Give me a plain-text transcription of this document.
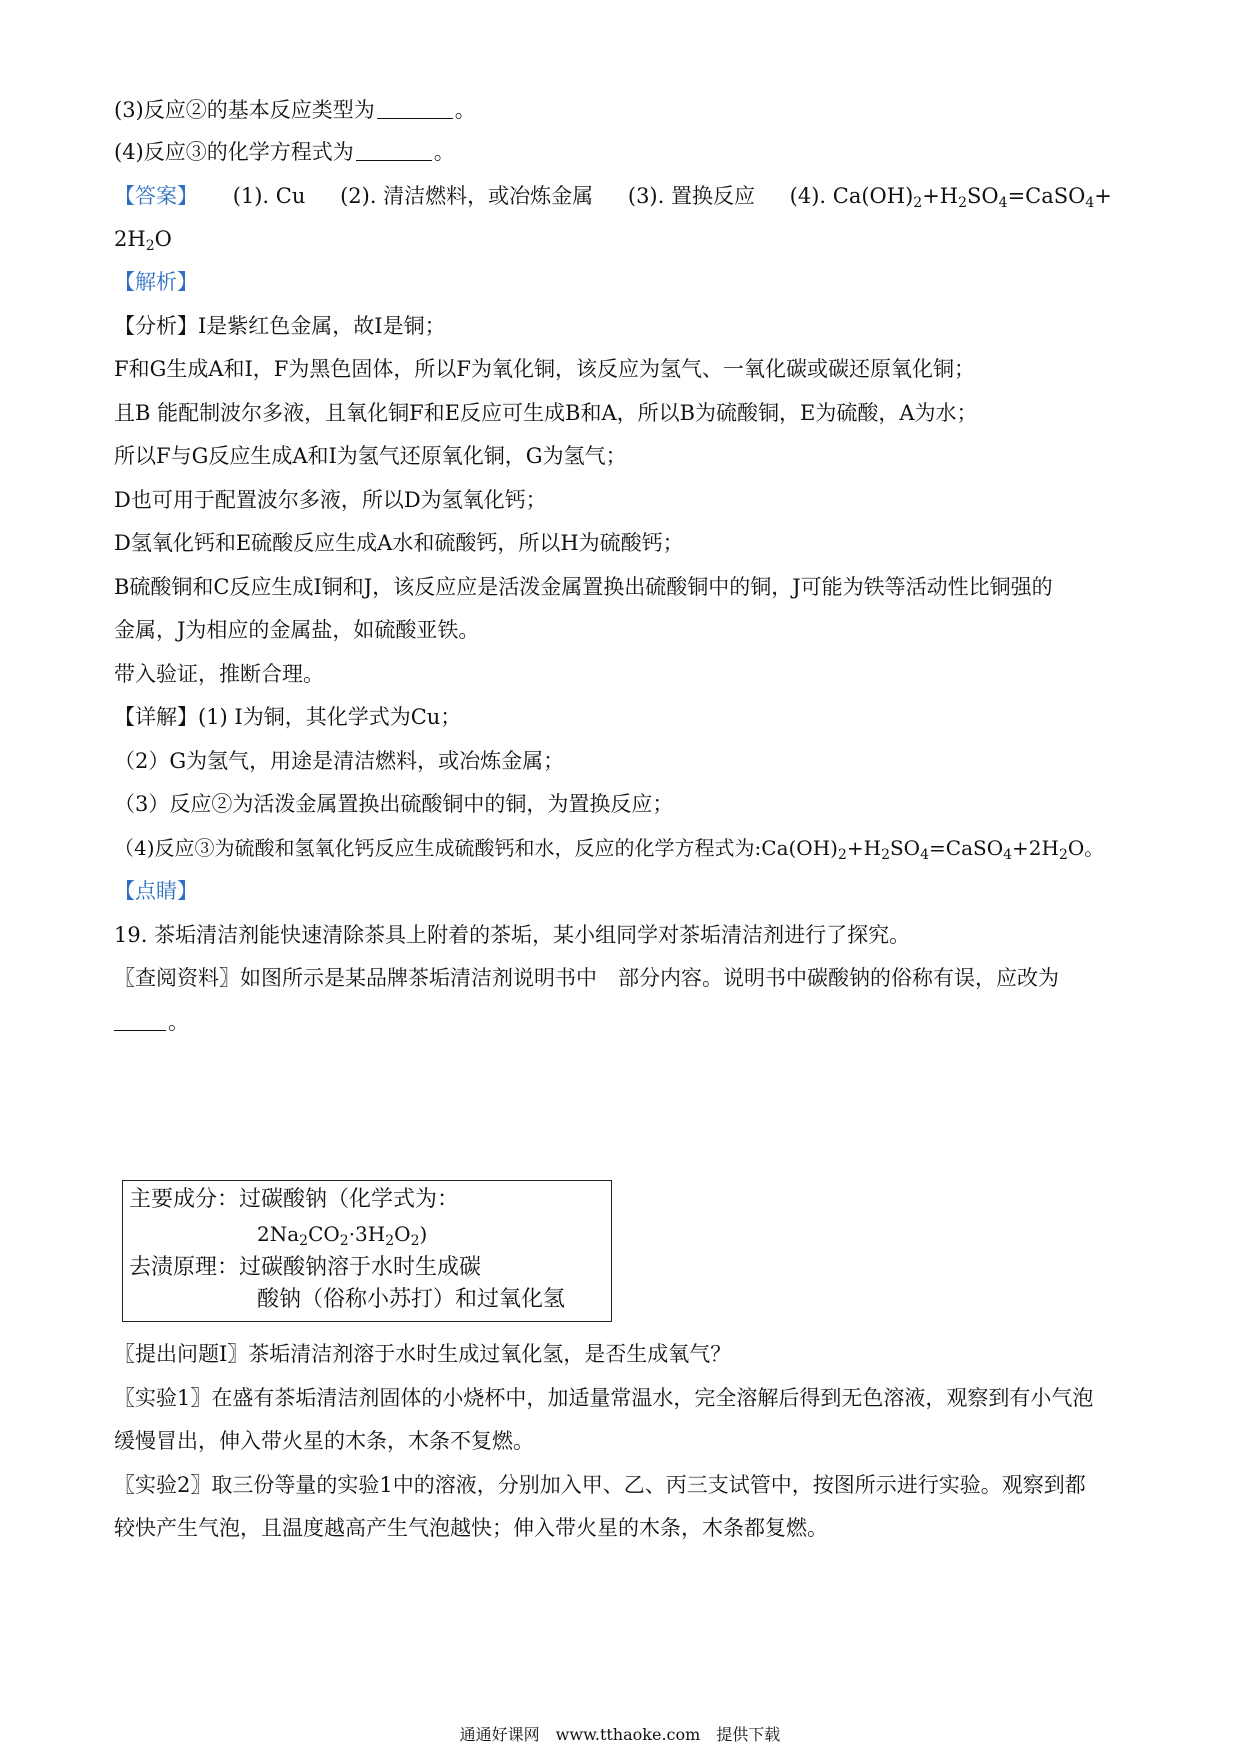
(3)反应②的基本反应类型为	。
(4)反应③的化学方程式为	。
【答案】 (1). Cu (2). 清洁燃料，或冶炼金属 (3). 置换反应 (4). $Ca(OH)_2+H_2SO_4=CaSO_4+$
$2H_2O$
【解析】
【分析】I是紫红色金属，故I是铜；
F和G生成A和I，F为黑色固体，所以F为氧化铜，该反应为氢气、一氧化碳或碳还原氧化铜；
且B 能配制波尔多液，且氧化铜F和E反应可生成B和A，所以B为硫酸铜，E为硫酸，A为水；
所以F与G反应生成A和I为氢气还原氧化铜，G为氢气；
D也可用于配置波尔多液，所以D为氢氧化钙；
D氢氧化钙和E硫酸反应生成A水和硫酸钙，所以H为硫酸钙；
B硫酸铜和C反应生成I铜和J，该反应应是活泼金属置换出硫酸铜中的铜，J可能为铁等活动性比铜强的
金属，J为相应的金属盐，如硫酸亚铁。
带入验证，推断合理。
【详解】(1) I为铜，其化学式为Cu；
（2）G为氢气，用途是清洁燃料，或冶炼金属；
（3）反应②为活泼金属置换出硫酸铜中的铜，为置换反应；
（4)反应③为硫酸和氢氧化钙反应生成硫酸钙和水，反应的化学方程式为$:Ca(OH)_2+H_2SO_4=CaSO_4+2H_2O$。
【点睛】
19. 茶垢清洁剂能快速清除茶具上附着的茶垢，某小组同学对茶垢清洁剂进行了探究。
〖查阅资料〗如图所示是某品牌茶垢清洁剂说明书中　部分内容。说明书中碳酸钠的俗称有误，应改为
。
主要成分：过碳酸钠（化学式为：
$2Na_2CO_2\cdot 3H_2O_2$)
去渍原理：过碳酸钠溶于水时生成碳
酸钠（俗称小苏打）和过氧化氢
〖提出问题Ⅰ〗茶垢清洁剂溶于水时生成过氧化氢，是否生成氧气？
〖实验1〗在盛有茶垢清洁剂固体的小烧杯中，加适量常温水，完全溶解后得到无色溶液，观察到有小气泡
缓慢冒出，伸入带火星的木条，木条不复燃。
〖实验2〗取三份等量的实验1中的溶液，分别加入甲、乙、丙三支试管中，按图所示进行实验。观察到都
较快产生气泡，且温度越高产生气泡越快；伸入带火星的木条，木条都复燃。
通通好课网　www.tthaoke.com　提供下载
